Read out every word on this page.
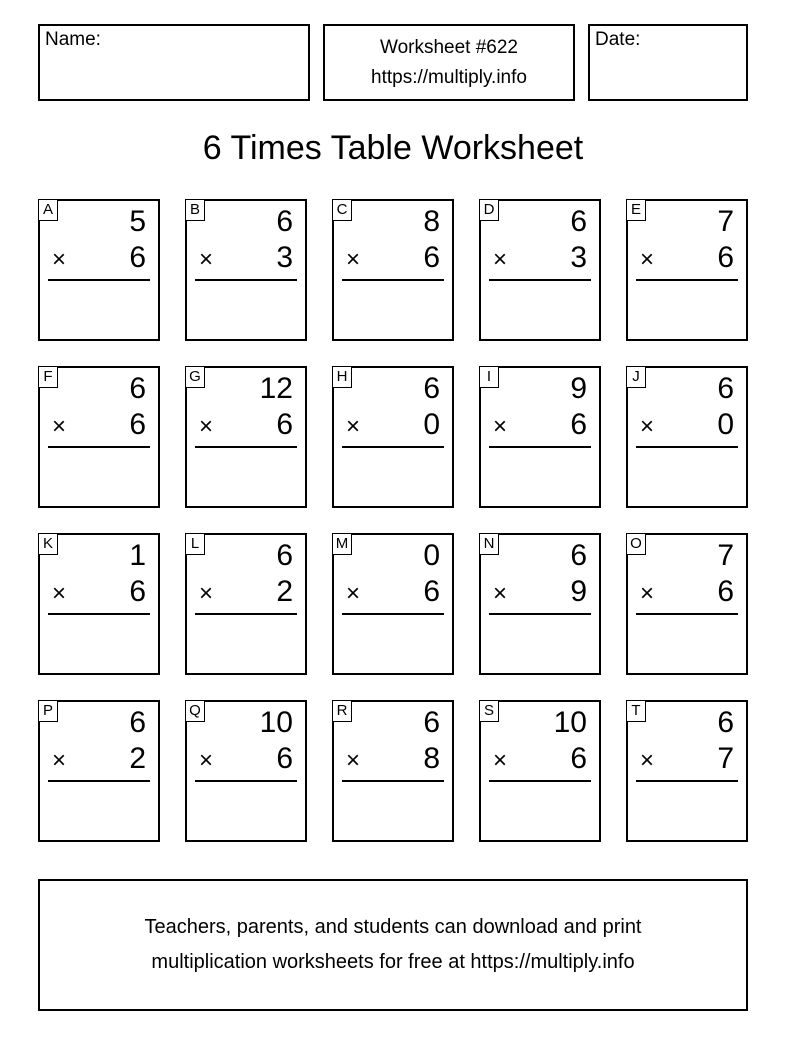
Name:	Worksheet #622
https://multiply.info
Date:
6 Times Table Worksheet
A	5
× 6
B	6
× 3
C	8
× 6
D	6
× 3
E	7
× 6
F	6
× 6
G 12
× 6
H	6
× 0
I	9
× 6
J	6
× 0
K	1
× 6
L	6
× 2
M	0
× 6
N	6
× 9
O	7
× 6
P	6
× 2
Q 10
× 6
R	6
× 8
S 10
× 6
T	6
× 7
Teachers, parents, and students can download and print
multiplication worksheets for free at https://multiply.info
